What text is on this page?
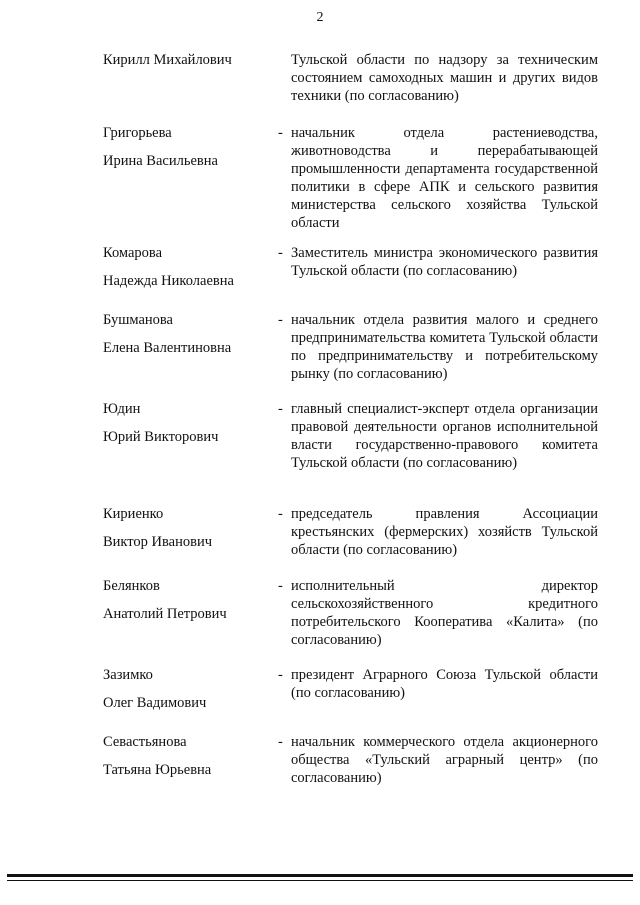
2
Кирилл Михайлович	Тульской области по надзору за техническим состоянием самоходных машин и других видов техники (по согласованию)
Григорьева
Ирина Васильевна
- начальник отдела растениеводства, животноводства и перерабатывающей промышленности департамента государственной политики в сфере АПК и сельского развития министерства сельского хозяйства Тульской области
Комарова
Надежда Николаевна
- Заместитель министра экономического развития Тульской области (по согласованию)
Бушманова
Елена Валентиновна
- начальник отдела развития малого и среднего предпринимательства комитета Тульской области по предпринимательству и потребительскому рынку (по согласованию)
Юдин
Юрий Викторович
- главный специалист-эксперт отдела организации правовой деятельности органов исполнительной власти государственно-правового комитета Тульской области (по согласованию)
Кириенко
Виктор Иванович
- председатель правления Ассоциации крестьянских (фермерских) хозяйств Тульской области (по согласованию)
Белянков
Анатолий Петрович
- исполнительный директор сельскохозяйственного кредитного потребительского Кооператива «Калита» (по согласованию)
Зазимко
Олег Вадимович
- президент Аграрного Союза Тульской области (по согласованию)
Севастьянова
Татьяна Юрьевна
- начальник коммерческого отдела акционерного общества «Тульский аграрный центр» (по согласованию)
